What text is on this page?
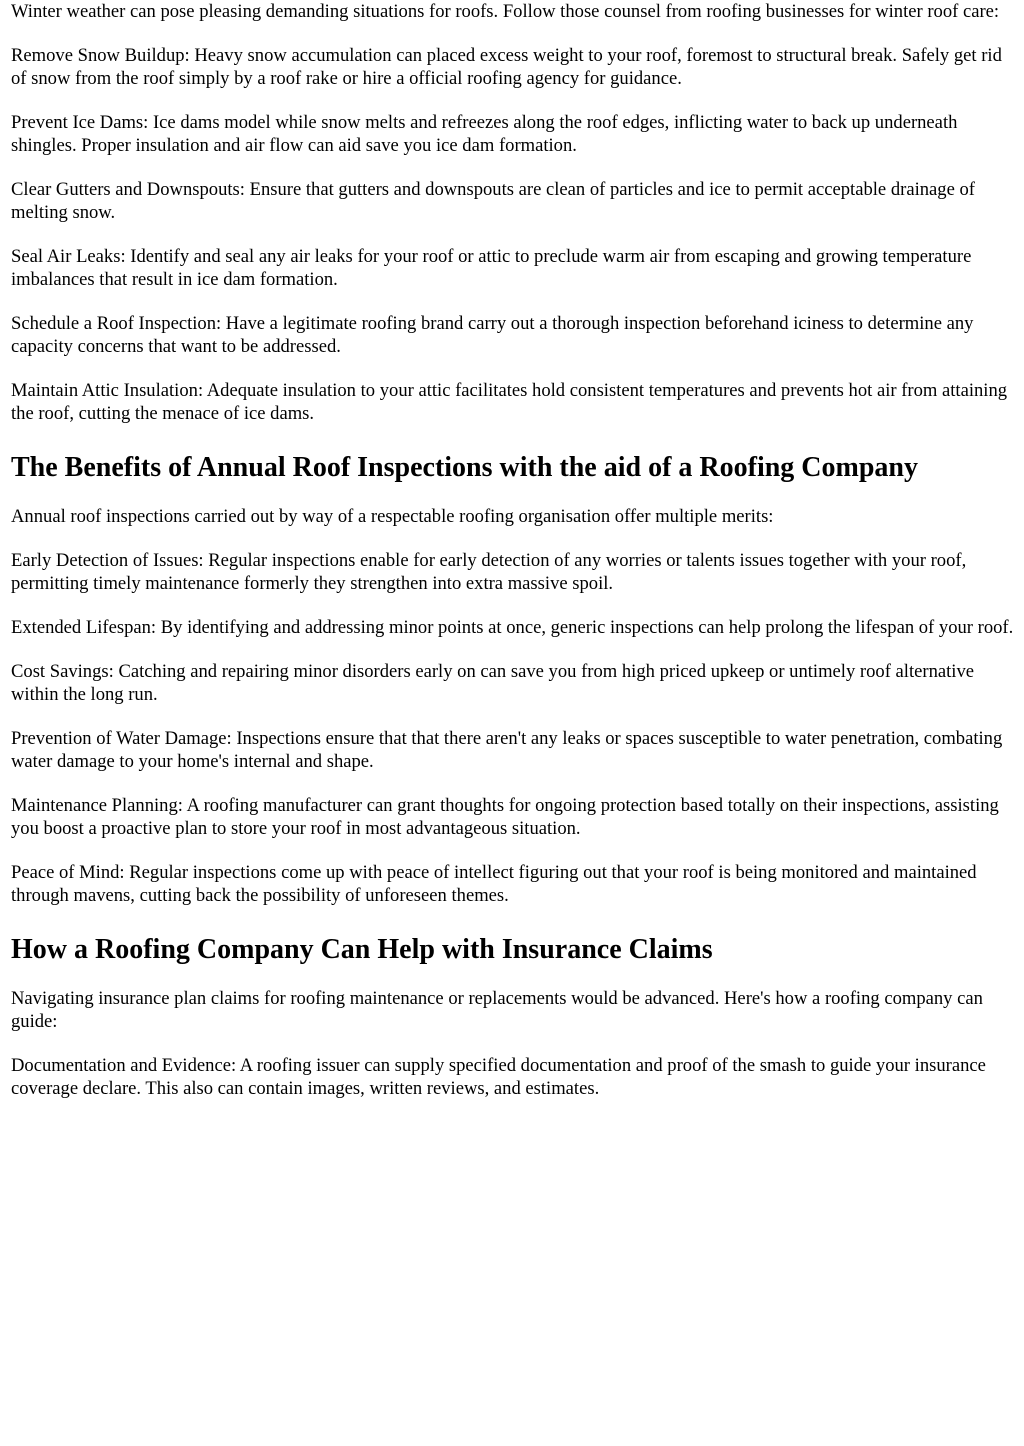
Winter weather can pose pleasing demanding situations for roofs. Follow those counsel from roofing businesses for winter roof care:

Remove Snow Buildup: Heavy snow accumulation can placed excess weight to your roof, foremost to structural break. Safely get rid of snow from the roof simply by a roof rake or hire a official roofing agency for guidance.

Prevent Ice Dams: Ice dams model while snow melts and refreezes along the roof edges, inflicting water to back up underneath shingles. Proper insulation and air flow can aid save you ice dam formation.

Clear Gutters and Downspouts: Ensure that gutters and downspouts are clean of particles and ice to permit acceptable drainage of melting snow.

Seal Air Leaks: Identify and seal any air leaks for your roof or attic to preclude warm air from escaping and growing temperature imbalances that result in ice dam formation.

Schedule a Roof Inspection: Have a legitimate roofing brand carry out a thorough inspection beforehand iciness to determine any capacity concerns that want to be addressed.

Maintain Attic Insulation: Adequate insulation to your attic facilitates hold consistent temperatures and prevents hot air from attaining the roof, cutting the menace of ice dams.

The Benefits of Annual Roof Inspections with the aid of a Roofing Company

Annual roof inspections carried out by way of a respectable roofing organisation offer multiple merits:

Early Detection of Issues: Regular inspections enable for early detection of any worries or talents issues together with your roof, permitting timely maintenance formerly they strengthen into extra massive spoil.

Extended Lifespan: By identifying and addressing minor points at once, generic inspections can help prolong the lifespan of your roof.

Cost Savings: Catching and repairing minor disorders early on can save you from high priced upkeep or untimely roof alternative within the long run.

Prevention of Water Damage: Inspections ensure that that there aren't any leaks or spaces susceptible to water penetration, combating water damage to your home's internal and shape.

Maintenance Planning: A roofing manufacturer can grant thoughts for ongoing protection based totally on their inspections, assisting you boost a proactive plan to store your roof in most advantageous situation.

Peace of Mind: Regular inspections come up with peace of intellect figuring out that your roof is being monitored and maintained through mavens, cutting back the possibility of unforeseen themes.

How a Roofing Company Can Help with Insurance Claims

Navigating insurance plan claims for roofing maintenance or replacements would be advanced. Here's how a roofing company can guide:

Documentation and Evidence: A roofing issuer can supply specified documentation and proof of the smash to guide your insurance coverage declare. This also can contain images, written reviews, and estimates.
